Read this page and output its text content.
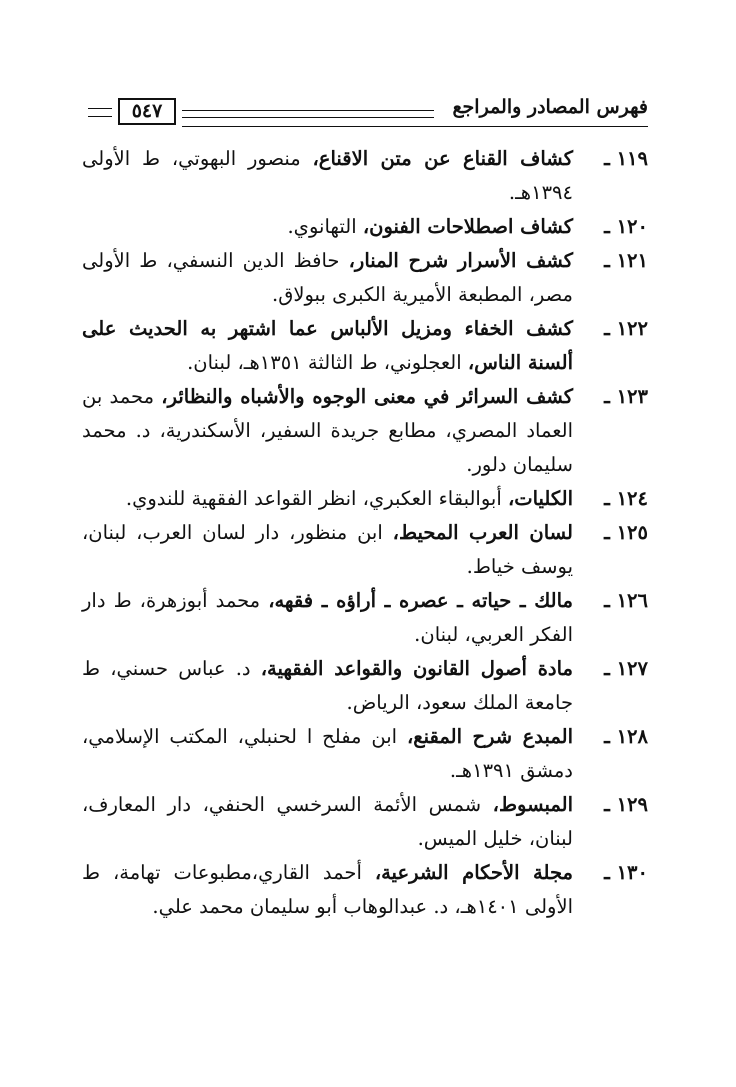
فهرس المصادر والمراجع
٥٤٧
١١٩ ـ
كشاف القناع عن متن الاقناع، منصور البهوتي، ط الأولى ١٣٩٤هـ.
١٢٠ ـ
كشاف اصطلاحات الفنون، التهانوي.
١٢١ ـ
كشف الأسرار شرح المنار، حافظ الدين النسفي، ط الأولى مصر، المطبعة الأميرية الكبرى ببولاق.
١٢٢ ـ
كشف الخفاء ومزيل الألباس عما اشتهر به الحديث على ألسنة الناس، العجلوني، ط الثالثة ١٣٥١هـ، لبنان.
١٢٣ ـ
كشف السرائر في معنى الوجوه والأشباه والنظائر، محمد بن العماد المصري، مطابع جريدة السفير، الأسكندرية، د. محمد سليمان دلور.
١٢٤ ـ
الكليات، أبوالبقاء العكبري، انظر القواعد الفقهية للندوي.
١٢٥ ـ
لسان العرب المحيط، ابن منظور، دار لسان العرب، لبنان، يوسف خياط.
١٢٦ ـ
مالك ـ حياته ـ عصره ـ أراؤه ـ فقهه، محمد أبوزهرة، ط دار الفكر العربي، لبنان.
١٢٧ ـ
مادة أصول القانون والقواعد الفقهية، د. عباس حسني، ط جامعة الملك سعود، الرياض.
١٢٨ ـ
المبدع شرح المقنع، ابن مفلح ا لحنبلي، المكتب الإسلامي، دمشق ١٣٩١هـ.
١٢٩ ـ
المبسوط، شمس الأئمة السرخسي الحنفي، دار المعارف، لبنان، خليل الميس.
١٣٠ ـ
مجلة الأحكام الشرعية، أحمد القاري،مطبوعات تهامة، ط الأولى ١٤٠١هـ، د. عبدالوهاب أبو سليمان محمد علي.
